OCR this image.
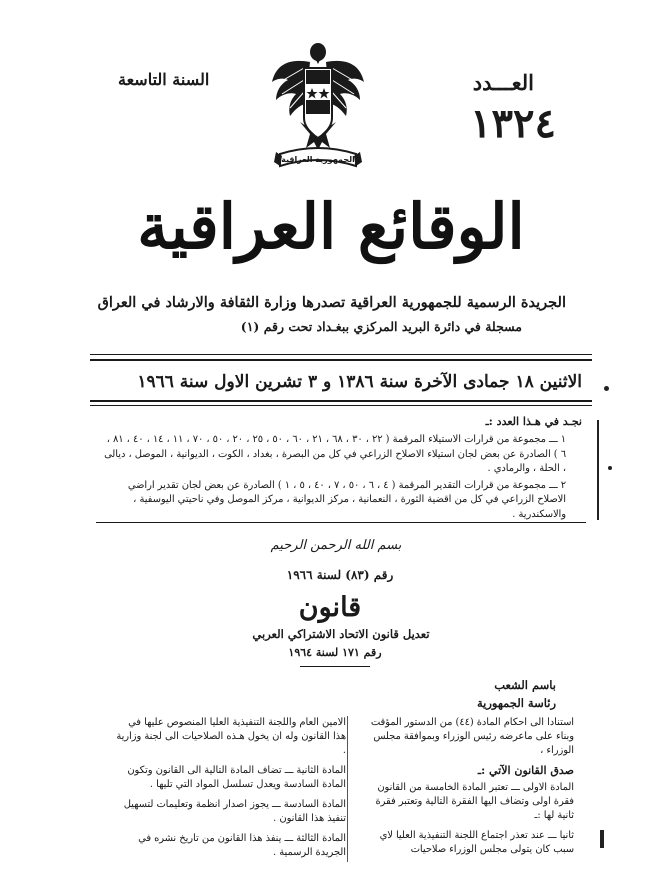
العـــدد
١٣٢٤
السنة التاسعة
الجمهورية العراقية
الوقائع العراقية
الجريدة الرسمية للجمهورية العراقية تصدرها وزارة الثقافة والارشاد في العراق
مسجلة في دائرة البريد المركزي ببغـداد تحت رقم (١)
الاثنين ١٨ جمادى الآخرة سنة ١٣٨٦ و ٣ تشرين الاول سنة ١٩٦٦
نجـد في هـذا العدد :ـ

١ ـــ مجموعة من قرارات الاستيلاء المرقمة ( ٢٢ ، ٣٠ ، ٦٨ ، ٢١ ، ٦٠ ، ٥٠ ، ٢٥ ، ٢٠ ، ٥٠ ، ٧٠ ، ١١ ، ١٤ ، ٤٠ ، ٨١ ، ٦ ) الصادرة عن بعض لجان استيلاء الاصلاح الزراعي في كل من البصرة ، بغداد ، الكوت ، الديوانية ، الموصل ، ديالى ، الحلة ، والرمادي .

٢ ـــ مجموعة من قرارات التقدير المرقمة ( ٤ ، ٦ ، ٥٠ ، ٧ ، ٤٠ ، ٥ ، ١ ) الصادرة عن بعض لجان تقدير اراضي الاصلاح الزراعي في كل من اقضية الثورة ، النعمانية ، مركز الديوانية ، مركز الموصل وفي ناحيتي اليوسفية ، والاسكندرية .

بسم الله الرحمن الرحيم
رقم (٨٣) لسنة ١٩٦٦
قانون
تعديل قانون الاتحاد الاشتراكي العربي
رقم ١٧١ لسنة ١٩٦٤
باسم الشعب
رئاسة الجمهورية

استنادا الى احكام المادة (٤٤) من الدستور المؤقت وبناء على ماعرضه رئيس الوزراء وبموافقة مجلس الوزراء ،

صدق القانون الآتي :ـ

المادة الاولى ـــ تعتبر المادة الخامسة من القانون فقرة اولى وتضاف اليها الفقرة التالية وتعتبر فقرة ثانية لها :ـ

ثانيا ـــ عند تعذر اجتماع اللجنة التنفيذية العليا لاي سبب كان يتولى مجلس الوزراء صلاحيات

الامين العام واللجنة التنفيذية العليا المنصوص عليها في هذا القانون وله ان يخول هـذه الصلاحيات الى لجنة وزارية .

المادة الثانية ـــ تضاف المادة التالية الى القانون وتكون المادة السادسة ويعدل تسلسل المواد التي تليها .

المادة السادسة ـــ يجوز اصدار انظمة وتعليمات لتسهيل تنفيذ هذا القانون .

المادة الثالثة ـــ ينفذ هذا القانون من تاريخ نشره في الجريدة الرسمية .
